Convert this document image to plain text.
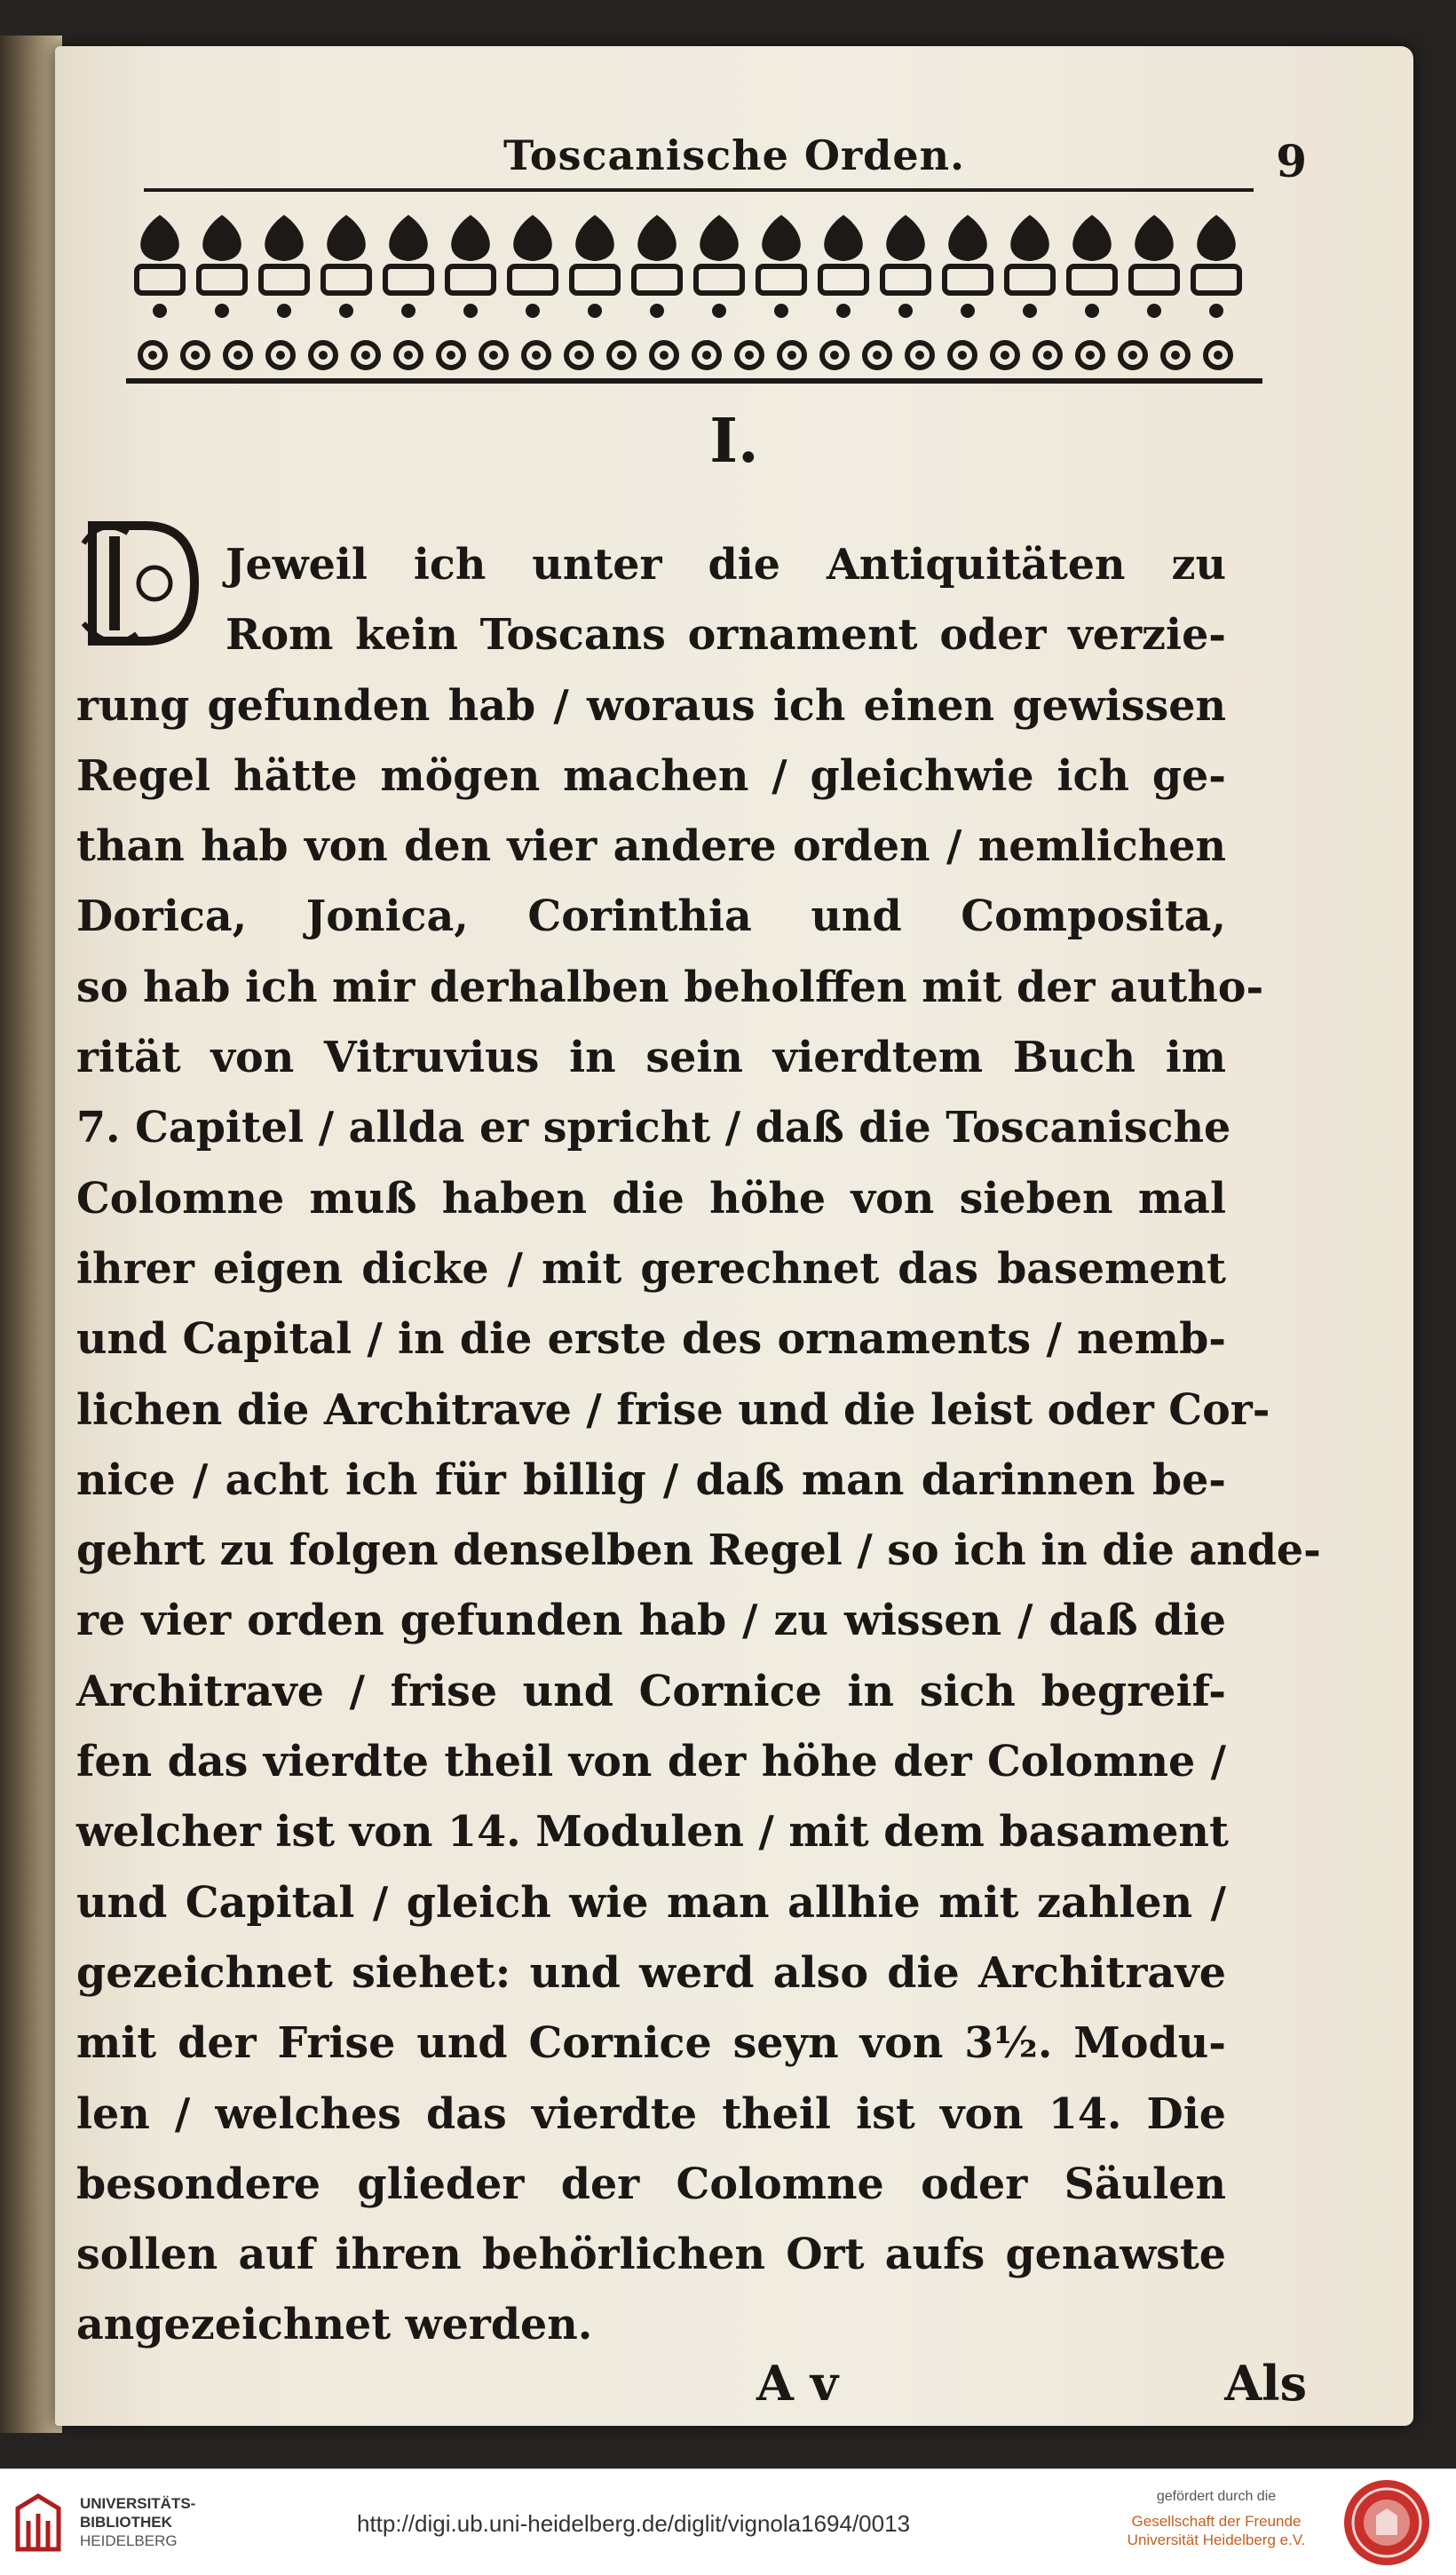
Toscanische Orden.	9
I.
Jeweil ich unter die Antiquitäten zu
Rom kein Toscans ornament oder verzie-
rung gefunden hab / woraus ich einen gewissen
Regel hätte mögen machen / gleichwie ich ge-
than hab von den vier andere orden / nemlichen
Dorica, Jonica, Corinthia und Composita,
so hab ich mir derhalben beholffen mit der autho-
rität von Vitruvius in sein vierdtem Buch im
7. Capitel / allda er spricht / daß die Toscanische
Colomne muß haben die höhe von sieben mal
ihrer eigen dicke / mit gerechnet das basement
und Capital / in die erste des ornaments / nemb-
lichen die Architrave / frise und die leist oder Cor-
nice / acht ich für billig / daß man darinnen be-
gehrt zu folgen denselben Regel / so ich in die ande-
re vier orden gefunden hab / zu wissen / daß die
Architrave / frise und Cornice in sich begreif-
fen das vierdte theil von der höhe der Colomne /
welcher ist von 14. Modulen / mit dem basament
und Capital / gleich wie man allhie mit zahlen /
gezeichnet siehet: und werd also die Architrave
mit der Frise und Cornice seyn von 3½. Modu-
len / welches das vierdte theil ist von 14. Die
besondere glieder der Colomne oder Säulen
sollen auf ihren behörlichen Ort aufs genawste
angezeichnet werden.
A v	Als
UNIVERSITÄTS-
BIBLIOTHEK
HEIDELBERG
http://digi.ub.uni-heidelberg.de/diglit/vignola1694/0013
gefördert durch die
Gesellschaft der Freunde
Universität Heidelberg e.V.
